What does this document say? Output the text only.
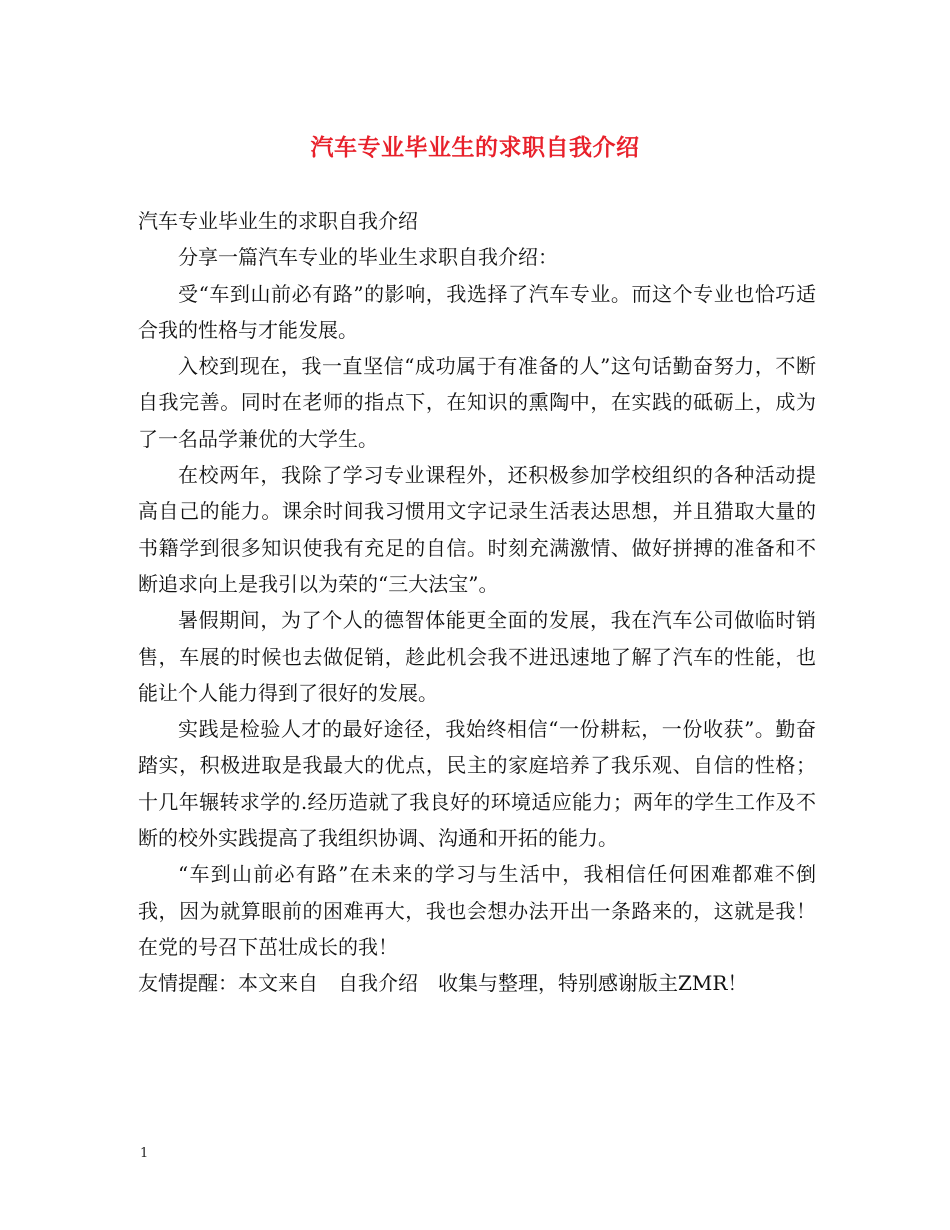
汽车专业毕业生的求职自我介绍

汽车专业毕业生的求职自我介绍

分享一篇汽车专业的毕业生求职自我介绍：

受“车到山前必有路”的影响，我选择了汽车专业。而这个专业也恰巧适合我的性格与才能发展。

入校到现在，我一直坚信“成功属于有准备的人”这句话勤奋努力，不断自我完善。同时在老师的指点下，在知识的熏陶中，在实践的砥砺上，成为了一名品学兼优的大学生。

在校两年，我除了学习专业课程外，还积极参加学校组织的各种活动提高自己的能力。课余时间我习惯用文字记录生活表达思想，并且猎取大量的书籍学到很多知识使我有充足的自信。时刻充满激情、做好拼搏的准备和不断追求向上是我引以为荣的“三大法宝”。

暑假期间，为了个人的德智体能更全面的发展，我在汽车公司做临时销售，车展的时候也去做促销，趁此机会我不进迅速地了解了汽车的性能，也能让个人能力得到了很好的发展。

实践是检验人才的最好途径，我始终相信“一份耕耘，一份收获”。勤奋踏实，积极进取是我最大的优点，民主的家庭培养了我乐观、自信的性格；十几年辗转求学的.经历造就了我良好的环境适应能力；两年的学生工作及不断的校外实践提高了我组织协调、沟通和开拓的能力。

“车到山前必有路”在未来的学习与生活中，我相信任何困难都难不倒我，因为就算眼前的困难再大，我也会想办法开出一条路来的，这就是我！在党的号召下茁壮成长的我！

友情提醒：本文来自　自我介绍　收集与整理，特别感谢版主ZMR！

1
